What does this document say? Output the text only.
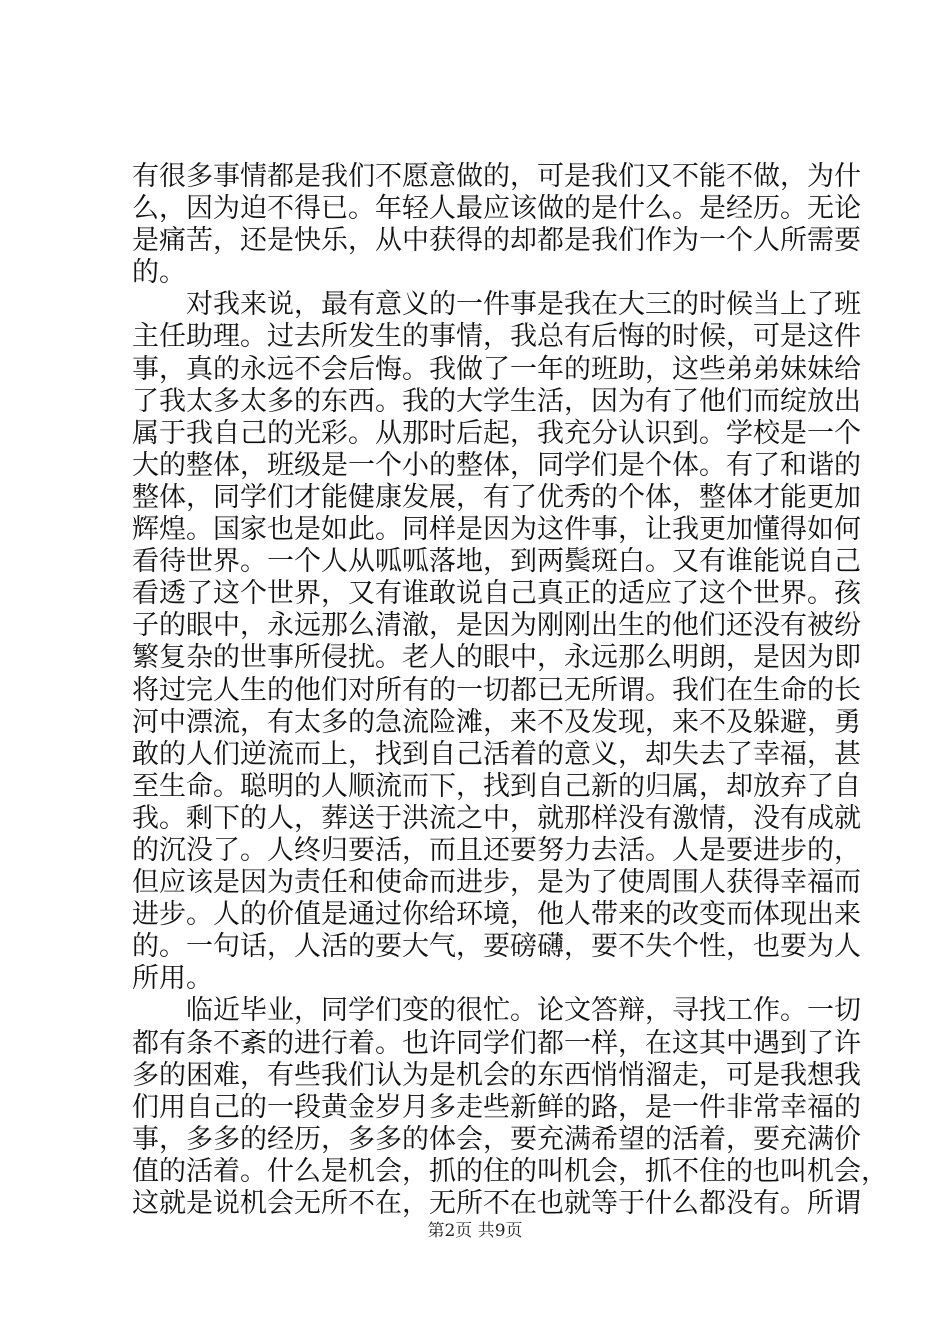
有很多事情都是我们不愿意做的，可是我们又不能不做，为什
么，因为迫不得已。年轻人最应该做的是什么。是经历。无论
是痛苦，还是快乐，从中获得的却都是我们作为一个人所需要
的。
对我来说，最有意义的一件事是我在大三的时候当上了班
主任助理。过去所发生的事情，我总有后悔的时候，可是这件
事，真的永远不会后悔。我做了一年的班助，这些弟弟妹妹给
了我太多太多的东西。我的大学生活，因为有了他们而绽放出
属于我自己的光彩。从那时后起，我充分认识到。学校是一个
大的整体，班级是一个小的整体，同学们是个体。有了和谐的
整体，同学们才能健康发展，有了优秀的个体，整体才能更加
辉煌。国家也是如此。同样是因为这件事，让我更加懂得如何
看待世界。一个人从呱呱落地，到两鬓斑白。又有谁能说自己
看透了这个世界，又有谁敢说自己真正的适应了这个世界。孩
子的眼中，永远那么清澈，是因为刚刚出生的他们还没有被纷
繁复杂的世事所侵扰。老人的眼中，永远那么明朗，是因为即
将过完人生的他们对所有的一切都已无所谓。我们在生命的长
河中漂流，有太多的急流险滩，来不及发现，来不及躲避，勇
敢的人们逆流而上，找到自己活着的意义，却失去了幸福，甚
至生命。聪明的人顺流而下，找到自己新的归属，却放弃了自
我。剩下的人，葬送于洪流之中，就那样没有激情，没有成就
的沉没了。人终归要活，而且还要努力去活。人是要进步的，
但应该是因为责任和使命而进步，是为了使周围人获得幸福而
进步。人的价值是通过你给环境，他人带来的改变而体现出来
的。一句话，人活的要大气，要磅礴，要不失个性，也要为人
所用。
临近毕业，同学们变的很忙。论文答辩，寻找工作。一切
都有条不紊的进行着。也许同学们都一样，在这其中遇到了许
多的困难，有些我们认为是机会的东西悄悄溜走，可是我想我
们用自己的一段黄金岁月多走些新鲜的路，是一件非常幸福的
事，多多的经历，多多的体会，要充满希望的活着，要充满价
值的活着。什么是机会，抓的住的叫机会，抓不住的也叫机会，
这就是说机会无所不在，无所不在也就等于什么都没有。所谓
第2页 共9页
